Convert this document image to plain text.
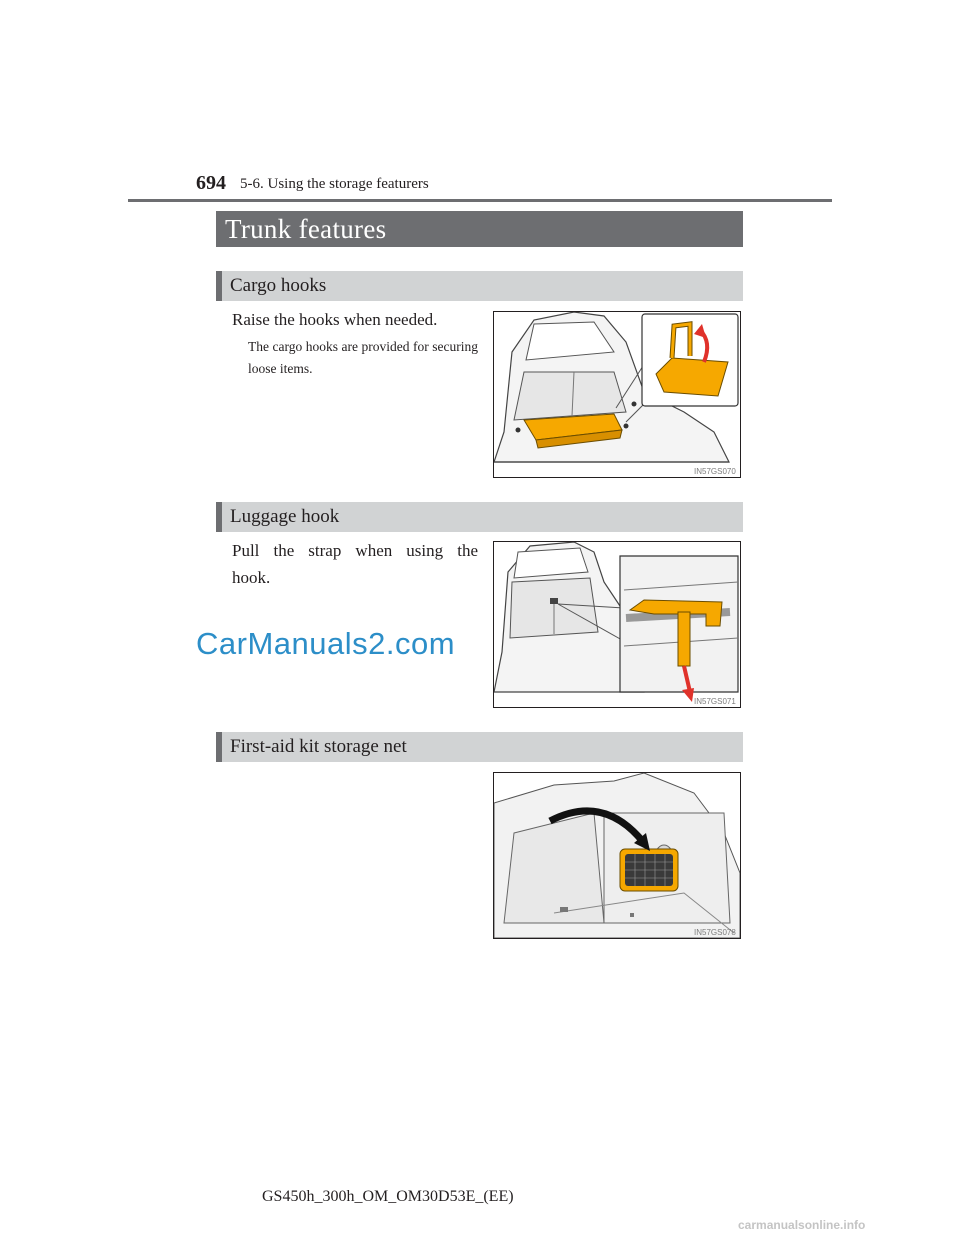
694 5-6. Using the storage featurers
Trunk features
Cargo hooks
Raise the hooks when needed.
The cargo hooks are provided for securing loose items.
IN57GS070
Luggage hook
Pull the strap when using the hook.
IN57GS071
CarManuals2.com
First-aid kit storage net
IN57GS078
GS450h_300h_OM_OM30D53E_(EE)
carmanualsonline.info
